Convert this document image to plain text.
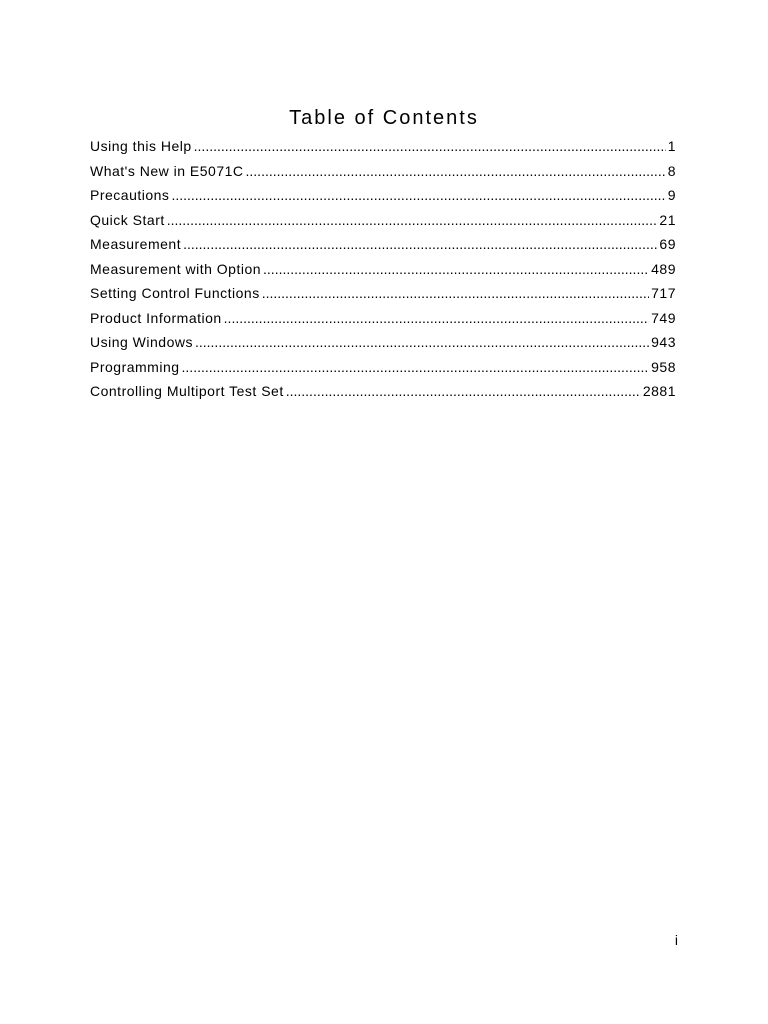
Table of Contents
Using this Help .....	1
What's New in E5071C .....	8
Precautions .....	9
Quick Start .....	21
Measurement .....	69
Measurement with Option .....	489
Setting Control Functions .....	717
Product Information .....	749
Using Windows .....	943
Programming .....	958
Controlling Multiport Test Set .....	2881
i
